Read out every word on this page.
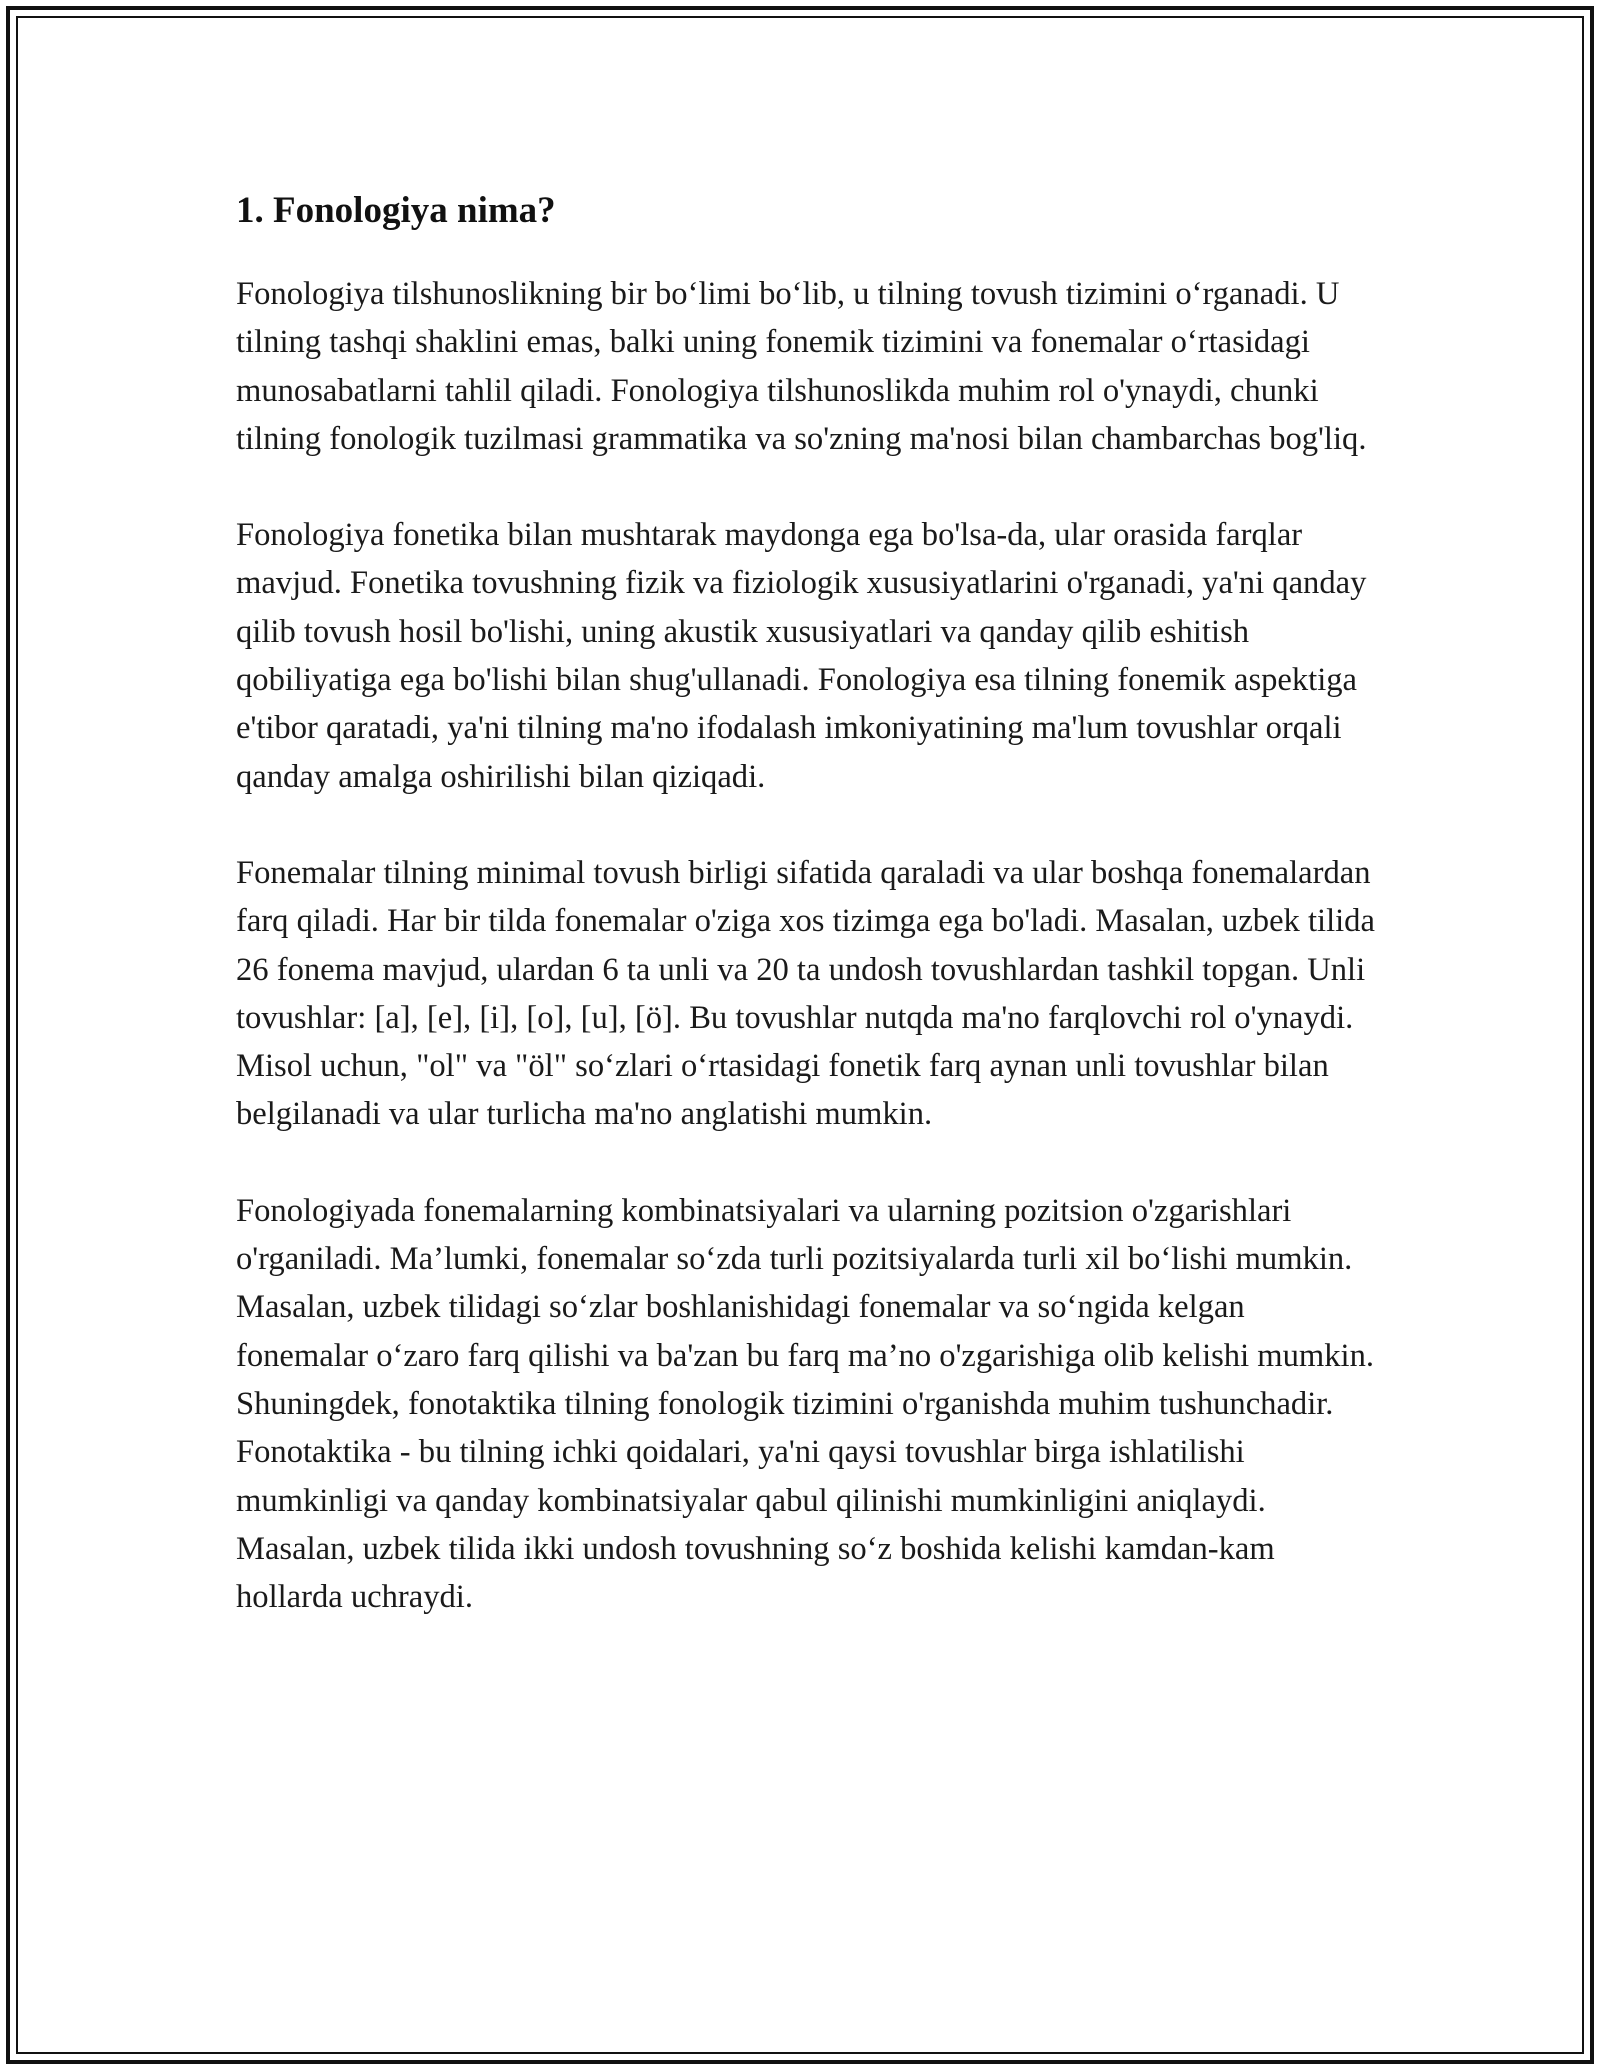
1. Fonologiya nima?

Fonologiya tilshunoslikning bir bo‘limi bo‘lib, u tilning tovush tizimini o‘rganadi. U tilning tashqi shaklini emas, balki uning fonemik tizimini va fonemalar o‘rtasidagi munosabatlarni tahlil qiladi. Fonologiya tilshunoslikda muhim rol o'ynaydi, chunki tilning fonologik tuzilmasi grammatika va so'zning ma'nosi bilan chambarchas bog'liq.

Fonologiya fonetika bilan mushtarak maydonga ega bo'lsa-da, ular orasida farqlar mavjud. Fonetika tovushning fizik va fiziologik xususiyatlarini o'rganadi, ya'ni qanday qilib tovush hosil bo'lishi, uning akustik xususiyatlari va qanday qilib eshitish qobiliyatiga ega bo'lishi bilan shug'ullanadi. Fonologiya esa tilning fonemik aspektiga e'tibor qaratadi, ya'ni tilning ma'no ifodalash imkoniyatining ma'lum tovushlar orqali qanday amalga oshirilishi bilan qiziqadi.

Fonemalar tilning minimal tovush birligi sifatida qaraladi va ular boshqa fonemalardan farq qiladi. Har bir tilda fonemalar o'ziga xos tizimga ega bo'ladi. Masalan, uzbek tilida 26 fonema mavjud, ulardan 6 ta unli va 20 ta undosh tovushlardan tashkil topgan. Unli tovushlar: [a], [e], [i], [o], [u], [ö]. Bu tovushlar nutqda ma'no farqlovchi rol o'ynaydi. Misol uchun, "ol" va "öl" so‘zlari o‘rtasidagi fonetik farq aynan unli tovushlar bilan belgilanadi va ular turlicha ma'no anglatishi mumkin.

Fonologiyada fonemalarning kombinatsiyalari va ularning pozitsion o'zgarishlari o'rganiladi. Ma’lumki, fonemalar so‘zda turli pozitsiyalarda turli xil bo‘lishi mumkin. Masalan, uzbek tilidagi so‘zlar boshlanishidagi fonemalar va so‘ngida kelgan fonemalar o‘zaro farq qilishi va ba'zan bu farq ma’no o'zgarishiga olib kelishi mumkin. Shuningdek, fonotaktika tilning fonologik tizimini o'rganishda muhim tushunchadir. Fonotaktika - bu tilning ichki qoidalari, ya'ni qaysi tovushlar birga ishlatilishi mumkinligi va qanday kombinatsiyalar qabul qilinishi mumkinligini aniqlaydi. Masalan, uzbek tilida ikki undosh tovushning so‘z boshida kelishi kamdan-kam hollarda uchraydi.
